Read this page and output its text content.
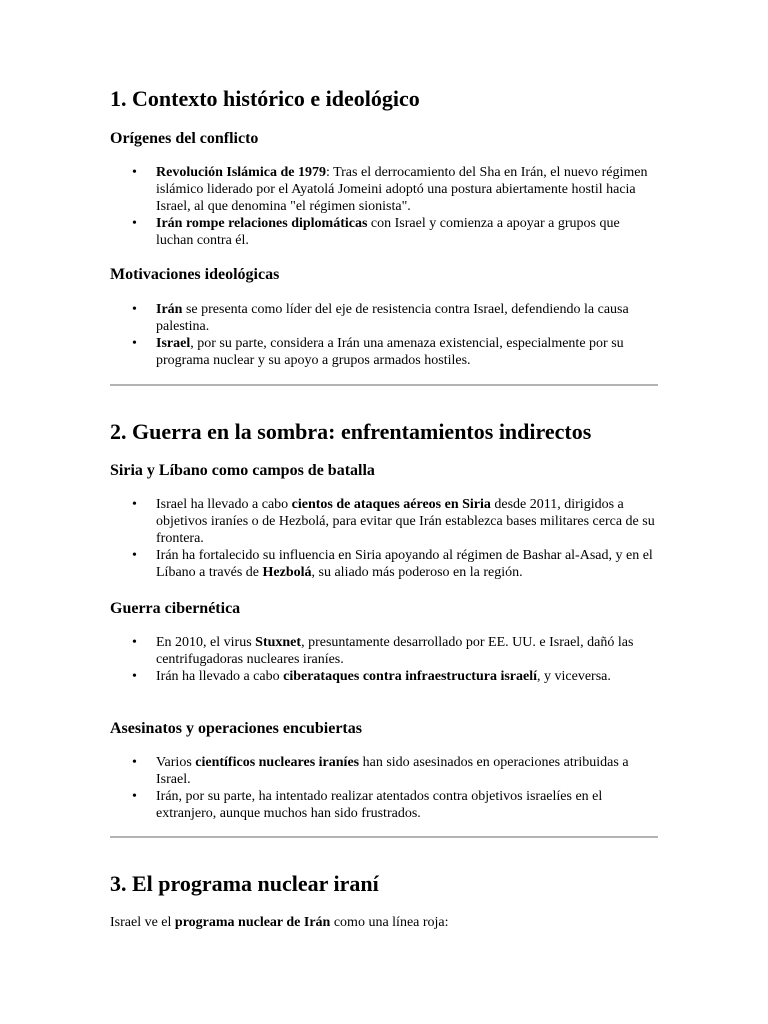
1. Contexto histórico e ideológico
Orígenes del conflicto
• Revolución Islámica de 1979: Tras el derrocamiento del Sha en Irán, el nuevo régimen islámico liderado por el Ayatolá Jomeini adoptó una postura abiertamente hostil hacia Israel, al que denomina "el régimen sionista".
• Irán rompe relaciones diplomáticas con Israel y comienza a apoyar a grupos que luchan contra él.
Motivaciones ideológicas
• Irán se presenta como líder del eje de resistencia contra Israel, defendiendo la causa palestina.
• Israel, por su parte, considera a Irán una amenaza existencial, especialmente por su programa nuclear y su apoyo a grupos armados hostiles.
2. Guerra en la sombra: enfrentamientos indirectos
Siria y Líbano como campos de batalla
• Israel ha llevado a cabo cientos de ataques aéreos en Siria desde 2011, dirigidos a objetivos iraníes o de Hezbolá, para evitar que Irán establezca bases militares cerca de su frontera.
• Irán ha fortalecido su influencia en Siria apoyando al régimen de Bashar al-Asad, y en el Líbano a través de Hezbolá, su aliado más poderoso en la región.
Guerra cibernética
• En 2010, el virus Stuxnet, presuntamente desarrollado por EE. UU. e Israel, dañó las centrifugadoras nucleares iraníes.
• Irán ha llevado a cabo ciberataques contra infraestructura israelí, y viceversa.
Asesinatos y operaciones encubiertas
• Varios científicos nucleares iraníes han sido asesinados en operaciones atribuidas a Israel.
• Irán, por su parte, ha intentado realizar atentados contra objetivos israelíes en el extranjero, aunque muchos han sido frustrados.
3. El programa nuclear iraní

Israel ve el programa nuclear de Irán como una línea roja:
